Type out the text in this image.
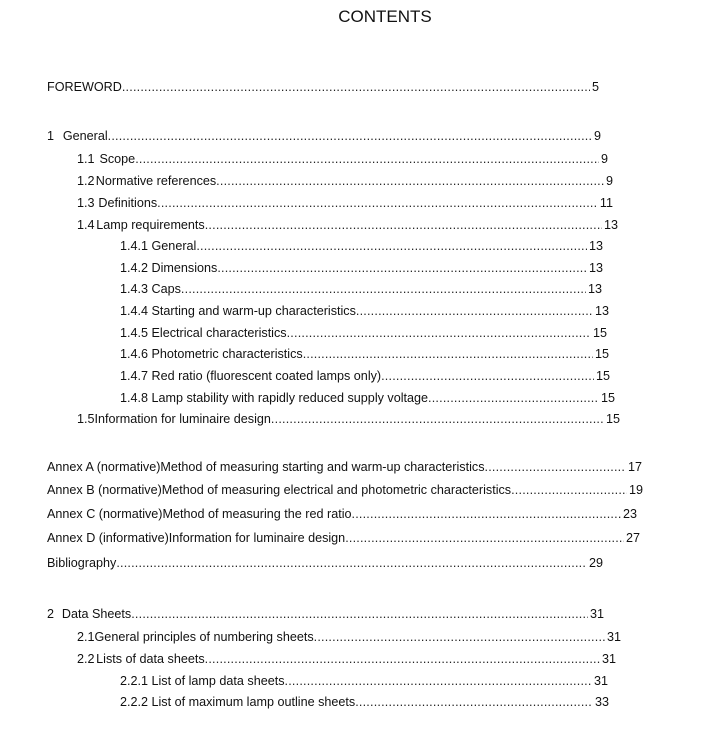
CONTENTS
FOREWORD .....	5
1 General .....	9
1.1 Scope .....	9
1.2 Normative references .....	9
1.3 Definitions .....	11
1.4 Lamp requirements .....	13
1.4.1 General .....	13
1.4.2 Dimensions .....	13
1.4.3 Caps .....	13
1.4.4 Starting and warm-up characteristics .....	13
1.4.5 Electrical characteristics .....	15
1.4.6 Photometric characteristics .....	15
1.4.7 Red ratio (fluorescent coated lamps only) .....	15
1.4.8 Lamp stability with rapidly reduced supply voltage .....	15
1.5 Information for luminaire design .....	15
Annex A (normative) Method of measuring starting and warm-up characteristics .....	17
Annex B (normative) Method of measuring electrical and photometric characteristics .....	19
Annex C (normative) Method of measuring the red ratio .....	23
Annex D (informative) Information for luminaire design .....	27
Bibliography .....	29
2 Data Sheets .....	31
2.1 General principles of numbering sheets .....	31
2.2 Lists of data sheets .....	31
2.2.1 List of lamp data sheets .....	31
2.2.2 List of maximum lamp outline sheets .....	33
